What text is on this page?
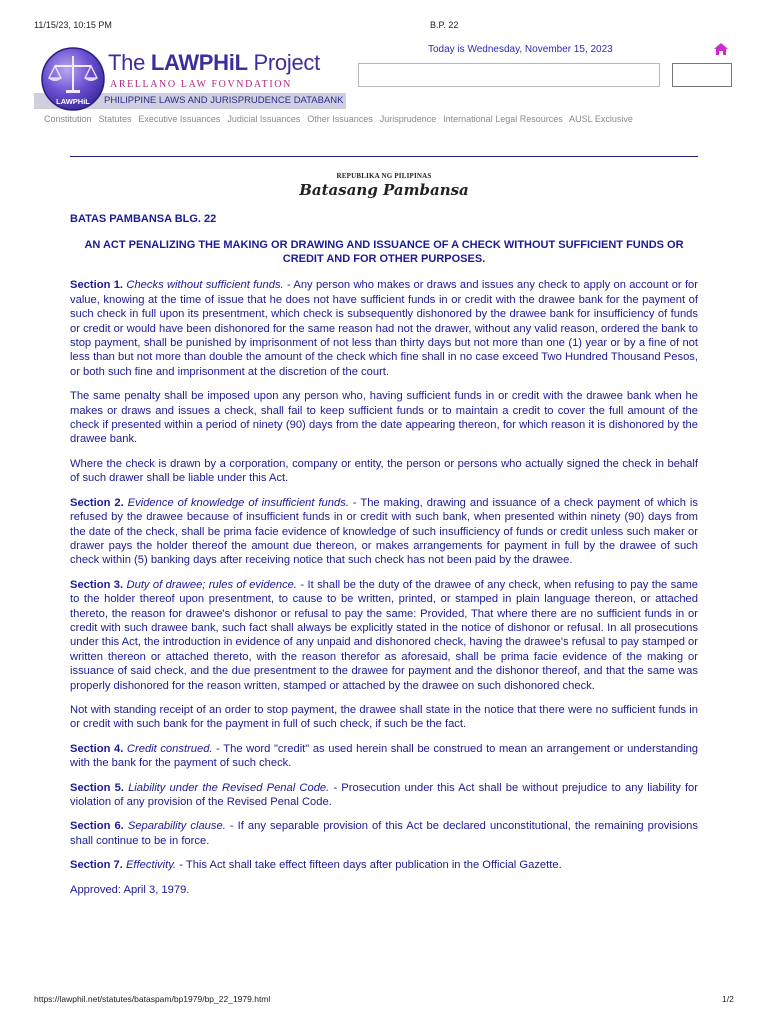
11/15/23, 10:15 PM	B.P. 22
LAWPHiL
The LAWPHiL Project
ARELLANO LAW FOVNDATION
PHILIPPINE LAWS AND JURISPRUDENCE DATABANK
Today is Wednesday, November 15, 2023
Constitution Statutes Executive Issuances Judicial Issuances Other Issuances Jurisprudence International Legal Resources AUSL Exclusive
REPUBLIKA NG PILIPINAS
Batasang Pambansa
BATAS PAMBANSA BLG. 22
AN ACT PENALIZING THE MAKING OR DRAWING AND ISSUANCE OF A CHECK WITHOUT SUFFICIENT FUNDS OR CREDIT AND FOR OTHER PURPOSES.

Section 1. Checks without sufficient funds. - Any person who makes or draws and issues any check to apply on account or for value, knowing at the time of issue that he does not have sufficient funds in or credit with the drawee bank for the payment of such check in full upon its presentment, which check is subsequently dishonored by the drawee bank for insufficiency of funds or credit or would have been dishonored for the same reason had not the drawer, without any valid reason, ordered the bank to stop payment, shall be punished by imprisonment of not less than thirty days but not more than one (1) year or by a fine of not less than but not more than double the amount of the check which fine shall in no case exceed Two Hundred Thousand Pesos, or both such fine and imprisonment at the discretion of the court.

The same penalty shall be imposed upon any person who, having sufficient funds in or credit with the drawee bank when he makes or draws and issues a check, shall fail to keep sufficient funds or to maintain a credit to cover the full amount of the check if presented within a period of ninety (90) days from the date appearing thereon, for which reason it is dishonored by the drawee bank.

Where the check is drawn by a corporation, company or entity, the person or persons who actually signed the check in behalf of such drawer shall be liable under this Act.

Section 2. Evidence of knowledge of insufficient funds. - The making, drawing and issuance of a check payment of which is refused by the drawee because of insufficient funds in or credit with such bank, when presented within ninety (90) days from the date of the check, shall be prima facie evidence of knowledge of such insufficiency of funds or credit unless such maker or drawer pays the holder thereof the amount due thereon, or makes arrangements for payment in full by the drawee of such check within (5) banking days after receiving notice that such check has not been paid by the drawee.

Section 3. Duty of drawee; rules of evidence. - It shall be the duty of the drawee of any check, when refusing to pay the same to the holder thereof upon presentment, to cause to be written, printed, or stamped in plain language thereon, or attached thereto, the reason for drawee's dishonor or refusal to pay the same: Provided, That where there are no sufficient funds in or credit with such drawee bank, such fact shall always be explicitly stated in the notice of dishonor or refusal. In all prosecutions under this Act, the introduction in evidence of any unpaid and dishonored check, having the drawee's refusal to pay stamped or written thereon or attached thereto, with the reason therefor as aforesaid, shall be prima facie evidence of the making or issuance of said check, and the due presentment to the drawee for payment and the dishonor thereof, and that the same was properly dishonored for the reason written, stamped or attached by the drawee on such dishonored check.

Not with standing receipt of an order to stop payment, the drawee shall state in the notice that there were no sufficient funds in or credit with such bank for the payment in full of such check, if such be the fact.

Section 4. Credit construed. - The word "credit" as used herein shall be construed to mean an arrangement or understanding with the bank for the payment of such check.

Section 5. Liability under the Revised Penal Code. - Prosecution under this Act shall be without prejudice to any liability for violation of any provision of the Revised Penal Code.

Section 6. Separability clause. - If any separable provision of this Act be declared unconstitutional, the remaining provisions shall continue to be in force.

Section 7. Effectivity. - This Act shall take effect fifteen days after publication in the Official Gazette.

Approved: April 3, 1979.

https://lawphil.net/statutes/bataspam/bp1979/bp_22_1979.html	1/2
